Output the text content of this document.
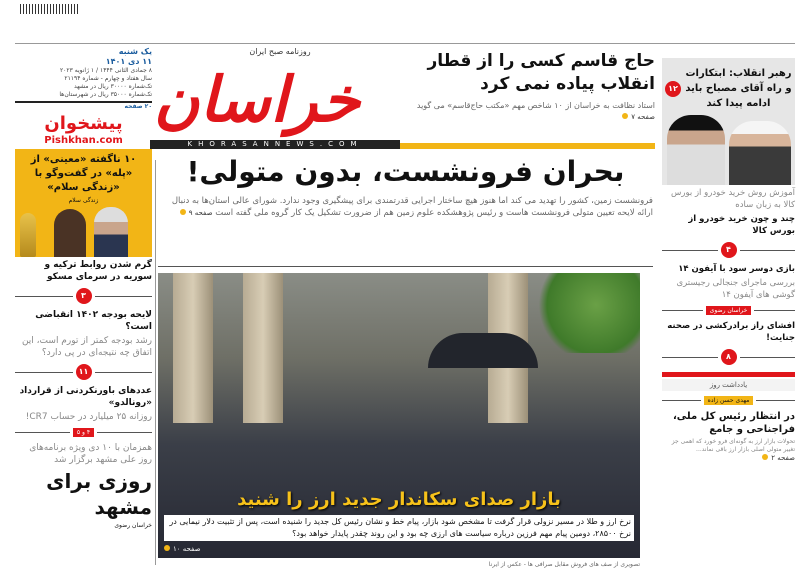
روزنامه صبح ایران
خراسان
KHORASANNEWS.COM
حاج قاسم کسی را از قطار انقلاب پیاده نمی کرد
استاد نظافت به خراسان از ۱۰ شاخص مهم «مکتب حاج‌قاسم» می گوید صفحه ۷
بحران فرونشست، بدون متولی!
فرونشست زمین، کشور را تهدید می کند اما هنوز هیچ ساختار اجرایی قدرتمندی برای پیشگیری وجود ندارد. شورای عالی استان‌ها به دنبال ارائه لایحه تعیین متولی فرونشست هاست و رئیس پژوهشکده علوم زمین هم از ضرورت تشکیل یک کار گروه ملی گفته است صفحه ۹
بازار صدای سکاندار جدید ارز را شنید
نرخ ارز و طلا در مسیر نزولی قرار گرفت تا مشخص شود بازار، پیام خط و نشان رئیس کل جدید را شنیده است، پس از تثبیت دلار نیمایی در نرخ ۲۸۵۰۰، دومین پیام مهم فرزین درباره سیاست های ارزی چه بود و این روند چقدر پایدار خواهد بود؟
صفحه ۱۰
تصویری از صف های فروش مقابل صرافی ها - عکس از ایرنا
یک شنبه
۱۱ دی ۱۴۰۱
۸ جمادی الثانی ۱۴۴۴ / ۱ ژانویه ۲۰۲۳
سال هفتاد و چهارم - شماره ۲۱۱۹۴
تک‌شماره ۳۰۰۰۰ ریال در مشهد
تک‌شماره ۳۵۰۰۰ ریال در شهرستان‌ها
۲۰ صفحه
پیشخوان
Pishkhan.com
۱۰ ناگفته «معینی» از «پله» در گفت‌وگو با «زندگی سلام»
زندگی سلام
گرم شدن روابط ترکیه و سوریه در سرمای مسکو
۳
لایحه بودجه ۱۴۰۲ انقباضی است؟
رشد بودجه کمتر از تورم است، این اتفاق چه نتیجه‌ای در پی دارد؟
۱۱
عددهای باورنکردنی از قرارداد «رونالدو»
روزانه ۲۵ میلیارد در حساب CR7!
۴ و ۵
همزمان با ۱۰ دی ویژه برنامه‌های روز علی مشهد برگزار شد
روزی برای مشهد
خراسان رضوی
۱۲
رهبر انقلاب: ابتکارات و راه آقای مصباح باید ادامه پیدا کند
آموزش روش خرید خودرو از بورس کالا به زبان ساده
چند و چون خرید خودرو از بورس کالا
۴
بازی دوسر سود با آیفون ۱۴
بررسی ماجرای جنجالی رجیستری گوشی های آیفون ۱۴
خراسان رضوی
افشای راز برادرکشی در صحنه جنایت!
۸
یادداشت روز
مهدی حسن زاده
در انتظار رئیس کل ملی، فراجناحی و جامع
تحولات بازار ارز به گونه‌ای فرو خورد که اهمی جز تغییر متولی اصلی بازار ارز باقی نماند... صفحه ۲
